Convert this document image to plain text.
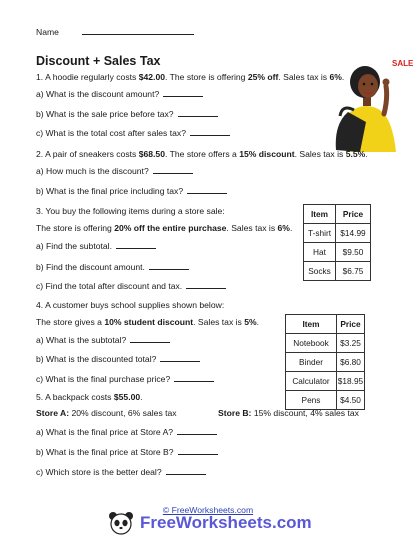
Name
Discount + Sales Tax	SALE
1. A hoodie regularly costs $42.00. The store is offering 25% off. Sales tax is 6%.
a) What is the discount amount?
b) What is the sale price before tax?
c) What is the total cost after sales tax?
2. A pair of sneakers costs $68.50. The store offers a 15% discount. Sales tax is 5.5%.
a) How much is the discount?
b) What is the final price including tax?
3. You buy the following items during a store sale:
The store is offering 20% off the entire purchase. Sales tax is 6%.
a) Find the subtotal.
b) Find the discount amount.
c) Find the total after discount and tax.
Item	Price
T-shirt	$14.99
Hat	$9.50
Socks	$6.75
4. A customer buys school supplies shown below:
The store gives a 10% student discount. Sales tax is 5%.
a) What is the subtotal?
b) What is the discounted total?
c) What is the final purchase price?
Item	Price
Notebook	$3.25
Binder	$6.80
Calculator	$18.95
Pens	$4.50
5. A backpack costs $55.00.
Store A: 20% discount, 6% sales tax	Store B: 15% discount, 4% sales tax
a) What is the final price at Store A?
b) What is the final price at Store B?
c) Which store is the better deal?
© FreeWorksheets.com
FreeWorksheets.com
